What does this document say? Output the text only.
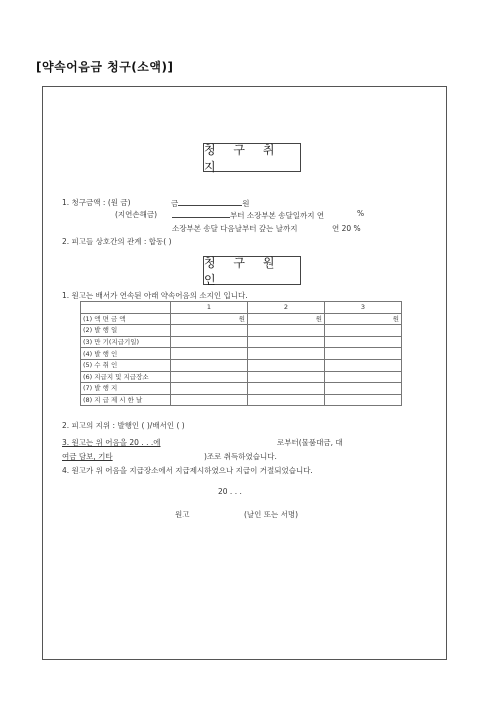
[약속어음금 청구(소액)]
청 구 취 지
1. 청구금액 : (원 금)	금	원
(지연손해금)	부터 소장부본 송달일까지 연	%
소장부본 송달 다음날부터 갚는 날까지	연 20 %
2. 피고들 상호간의 관계 : 합동( )
청 구 원 인
1. 원고는 배서가 연속된 아래 약속어음의 소지인 입니다.
	1	2	3
(1) 액 면 금 액	원	원	원
(2) 발 행 일			
(3) 만 기(지급기일)			
(4) 발 행 인			
(5) 수 취 인			
(6) 지급지 및 지급장소			
(7) 발 행 지			
(8) 지 급 제 시 한 날			
2. 피고의 지위 : 발행인 ( )/배서인 ( )
3. 원고는 위 어음을 20 . . .에	로부터(물품대금, 대
여금 담보, 기타	)조로 취득하였습니다.
4. 원고가 위 어음을 지급장소에서 지급제시하였으나 지급이 거절되었습니다.
20 . . .
원고	(날인 또는 서명)
